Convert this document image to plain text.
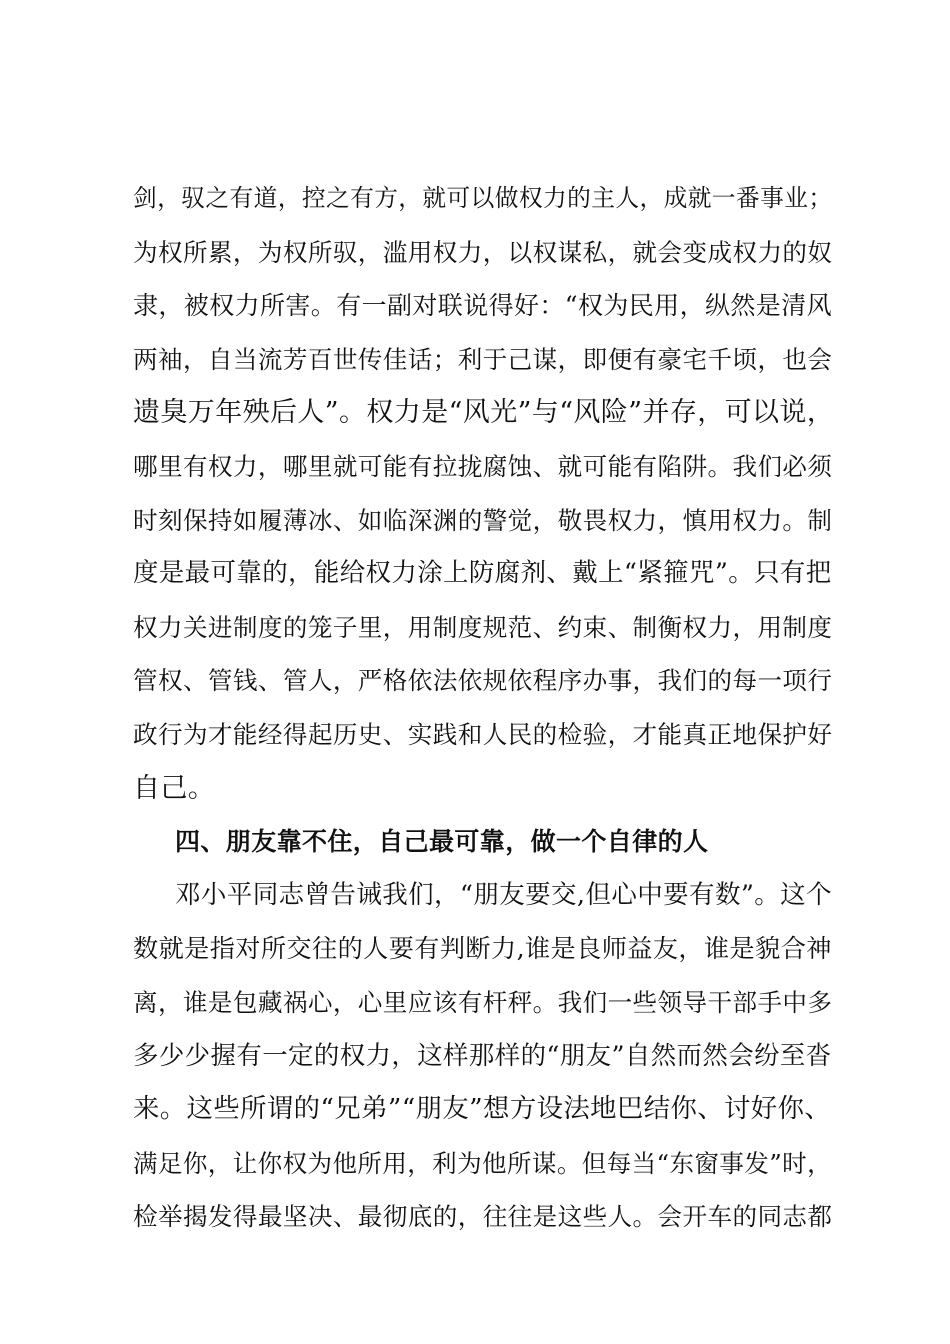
剑，驭之有道，控之有方，就可以做权力的主人，成就一番事业；
为权所累，为权所驭，滥用权力，以权谋私，就会变成权力的奴
隶，被权力所害。有一副对联说得好：“权为民用，纵然是清风
两袖，自当流芳百世传佳话；利于己谋，即便有豪宅千顷，也会
遗臭万年殃后人”。权力是“风光”与“风险”并存，可以说，
哪里有权力，哪里就可能有拉拢腐蚀、就可能有陷阱。我们必须
时刻保持如履薄冰、如临深渊的警觉，敬畏权力，慎用权力。制
度是最可靠的，能给权力涂上防腐剂、戴上“紧箍咒”。只有把
权力关进制度的笼子里，用制度规范、约束、制衡权力，用制度
管权、管钱、管人，严格依法依规依程序办事，我们的每一项行
政行为才能经得起历史、实践和人民的检验，才能真正地保护好
自己。
四、朋友靠不住，自己最可靠，做一个自律的人
邓小平同志曾告诫我们，“朋友要交,但心中要有数”。这个
数就是指对所交往的人要有判断力,谁是良师益友，谁是貌合神
离，谁是包藏祸心，心里应该有杆秤。我们一些领导干部手中多
多少少握有一定的权力，这样那样的“朋友”自然而然会纷至沓
来。这些所谓的“兄弟”“朋友”想方设法地巴结你、讨好你、
满足你，让你权为他所用，利为他所谋。但每当“东窗事发”时，
检举揭发得最坚决、最彻底的，往往是这些人。会开车的同志都
